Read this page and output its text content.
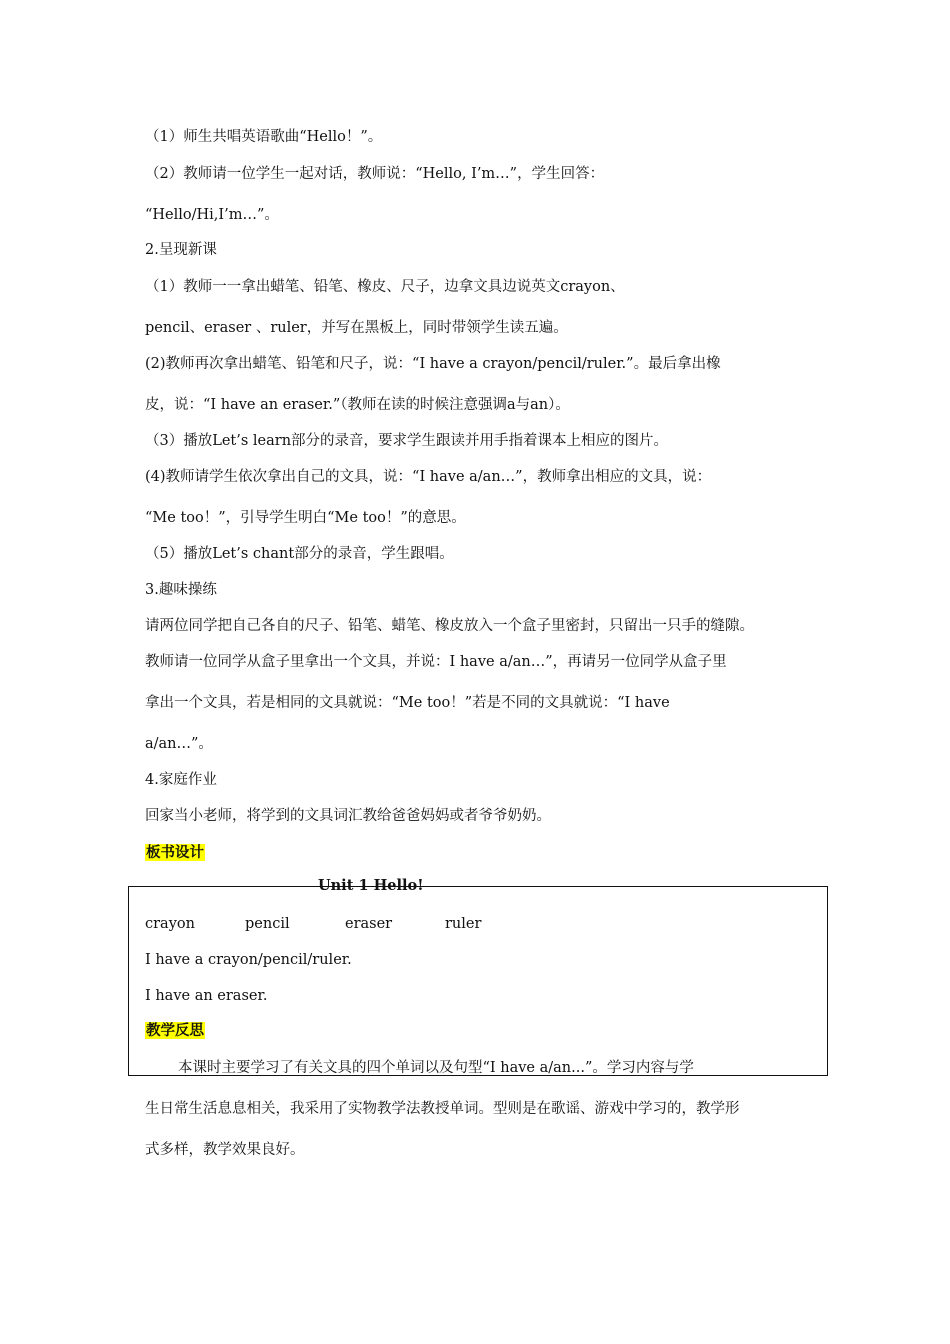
（1）师生共唱英语歌曲“Hello！”。
（2）教师请一位学生一起对话，教师说：“Hello, I’m…”，学生回答：
“Hello/Hi,I’m…”。
2.呈现新课
（1）教师一一拿出蜡笔、铅笔、橡皮、尺子，边拿文具边说英文crayon、
pencil、eraser 、ruler，并写在黑板上，同时带领学生读五遍。
(2)教师再次拿出蜡笔、铅笔和尺子，说：“I have a crayon/pencil/ruler.”。最后拿出橡
皮，说：“I have an eraser.”（教师在读的时候注意强调a与an）。
（3）播放Let’s learn部分的录音，要求学生跟读并用手指着课本上相应的图片。
(4)教师请学生依次拿出自己的文具，说：“I have a/an…”，教师拿出相应的文具，说：
“Me too！”，引导学生明白“Me too！”的意思。
（5）播放Let’s chant部分的录音，学生跟唱。
3.趣味操练
请两位同学把自己各自的尺子、铅笔、蜡笔、橡皮放入一个盒子里密封，只留出一只手的缝隙。
教师请一位同学从盒子里拿出一个文具，并说：I have a/an…”，再请另一位同学从盒子里
拿出一个文具，若是相同的文具就说：“Me too！”若是不同的文具就说：“I have
a/an…”。
4.家庭作业
回家当小老师，将学到的文具词汇教给爸爸妈妈或者爷爷奶奶。
板书设计
Unit 1 Hello!
crayon	pencil	eraser	ruler
I have a crayon/pencil/ruler.
I have an eraser.
教学反思
本课时主要学习了有关文具的四个单词以及句型“I have a/an...”。学习内容与学
生日常生活息息相关，我采用了实物教学法教授单词。型则是在歌谣、游戏中学习的，教学形
式多样，教学效果良好。
